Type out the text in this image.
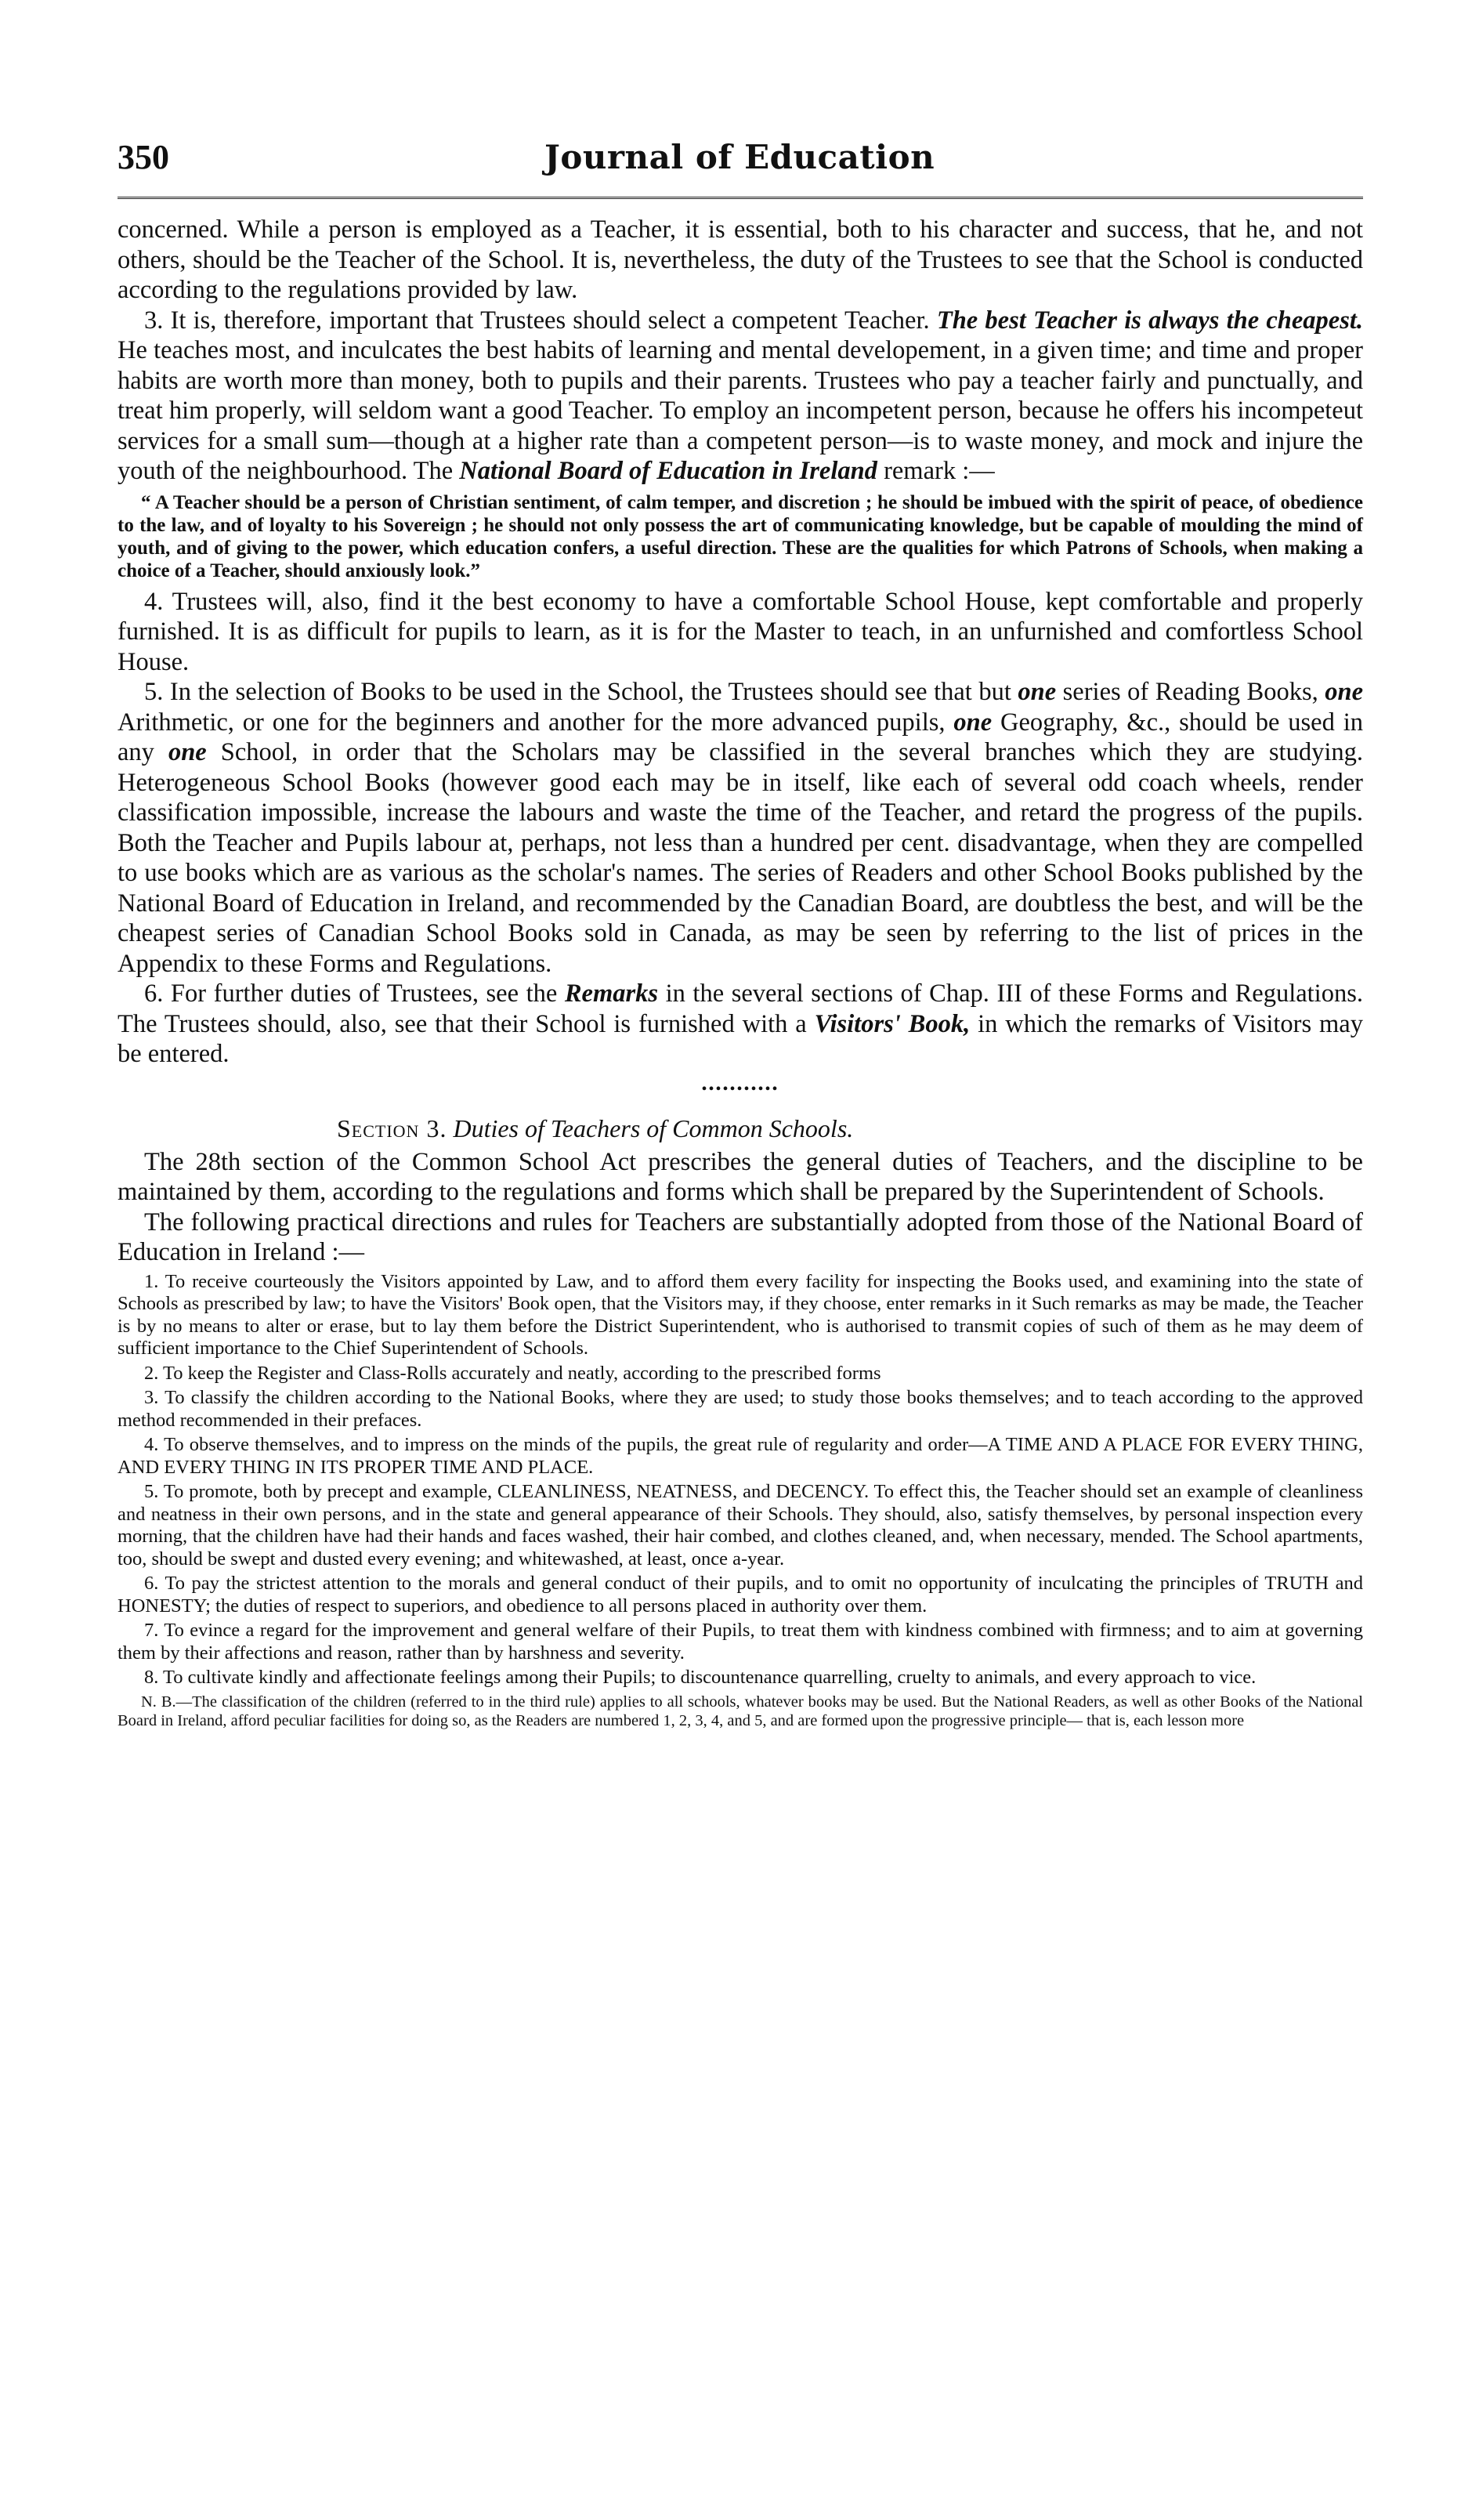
350	Journal of Education

concerned. While a person is employed as a Teacher, it is essential, both to his character and success, that he, and not others, should be the Teacher of the School. It is, nevertheless, the duty of the Trustees to see that the School is conducted according to the regulations provided by law.

3. It is, therefore, important that Trustees should select a competent Teacher. The best Teacher is always the cheapest. He teaches most, and inculcates the best habits of learning and mental developement, in a given time; and time and proper habits are worth more than money, both to pupils and their parents. Trustees who pay a teacher fairly and punctually, and treat him properly, will seldom want a good Teacher. To employ an incompetent person, because he offers his incompeteut services for a small sum—though at a higher rate than a competent person—is to waste money, and mock and injure the youth of the neighbourhood. The National Board of Education in Ireland remark :—

“ A Teacher should be a person of Christian sentiment, of calm temper, and discretion ; he should be imbued with the spirit of peace, of obedience to the law, and of loyalty to his Sovereign ; he should not only possess the art of communicating knowledge, but be capable of moulding the mind of youth, and of giving to the power, which education confers, a useful direction. These are the qualities for which Patrons of Schools, when making a choice of a Teacher, should anxiously look.”

4. Trustees will, also, find it the best economy to have a comfortable School House, kept comfortable and properly furnished. It is as difficult for pupils to learn, as it is for the Master to teach, in an unfurnished and comfortless School House.

5. In the selection of Books to be used in the School, the Trustees should see that but one series of Reading Books, one Arithmetic, or one for the beginners and another for the more advanced pupils, one Geography, &c., should be used in any one School, in order that the Scholars may be classified in the several branches which they are studying. Heterogeneous School Books (however good each may be in itself, like each of several odd coach wheels, render classification impossible, increase the labours and waste the time of the Teacher, and retard the progress of the pupils. Both the Teacher and Pupils labour at, perhaps, not less than a hundred per cent. disadvantage, when they are compelled to use books which are as various as the scholar's names. The series of Readers and other School Books published by the National Board of Education in Ireland, and recommended by the Canadian Board, are doubtless the best, and will be the cheapest series of Canadian School Books sold in Canada, as may be seen by referring to the list of prices in the Appendix to these Forms and Regulations.

6. For further duties of Trustees, see the Remarks in the several sections of Chap. III of these Forms and Regulations. The Trustees should, also, see that their School is furnished with a Visitors' Book, in which the remarks of Visitors may be entered.

•••••••••••
Section 3. Duties of Teachers of Common Schools.

The 28th section of the Common School Act prescribes the general duties of Teachers, and the discipline to be maintained by them, according to the regulations and forms which shall be prepared by the Superintendent of Schools.

The following practical directions and rules for Teachers are substantially adopted from those of the National Board of Education in Ireland :—

1. To receive courteously the Visitors appointed by Law, and to afford them every facility for inspecting the Books used, and examining into the state of Schools as prescribed by law; to have the Visitors' Book open, that the Visitors may, if they choose, enter remarks in it Such remarks as may be made, the Teacher is by no means to alter or erase, but to lay them before the District Superintendent, who is authorised to transmit copies of such of them as he may deem of sufficient importance to the Chief Superintendent of Schools.

2. To keep the Register and Class-Rolls accurately and neatly, according to the prescribed forms

3. To classify the children according to the National Books, where they are used; to study those books themselves; and to teach according to the approved method recommended in their prefaces.

4. To observe themselves, and to impress on the minds of the pupils, the great rule of regularity and order—A TIME AND A PLACE FOR EVERY THING, AND EVERY THING IN ITS PROPER TIME AND PLACE.

5. To promote, both by precept and example, CLEANLINESS, NEATNESS, and DECENCY. To effect this, the Teacher should set an example of cleanliness and neatness in their own persons, and in the state and general appearance of their Schools. They should, also, satisfy themselves, by personal inspection every morning, that the children have had their hands and faces washed, their hair combed, and clothes cleaned, and, when necessary, mended. The School apartments, too, should be swept and dusted every evening; and whitewashed, at least, once a-year.

6. To pay the strictest attention to the morals and general conduct of their pupils, and to omit no opportunity of inculcating the principles of TRUTH and HONESTY; the duties of respect to superiors, and obedience to all persons placed in authority over them.

7. To evince a regard for the improvement and general welfare of their Pupils, to treat them with kindness combined with firmness; and to aim at governing them by their affections and reason, rather than by harshness and severity.

8. To cultivate kindly and affectionate feelings among their Pupils; to discountenance quarrelling, cruelty to animals, and every approach to vice.

N. B.—The classification of the children (referred to in the third rule) applies to all schools, whatever books may be used. But the National Readers, as well as other Books of the National Board in Ireland, afford peculiar facilities for doing so, as the Readers are numbered 1, 2, 3, 4, and 5, and are formed upon the progressive principle— that is, each lesson more
